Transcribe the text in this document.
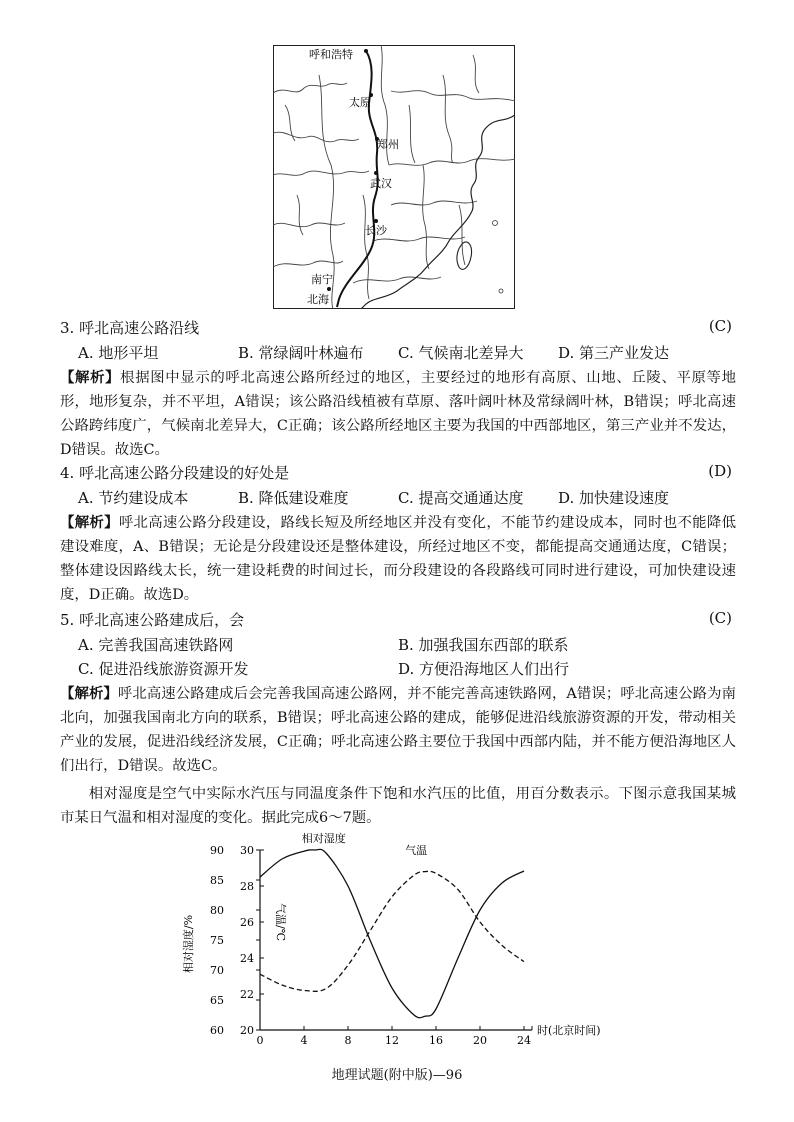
呼和浩特
太原
郑州
武汉
长沙
南宁
北海
3. 呼北高速公路沿线	(C)
A. 地形平坦	B. 常绿阔叶林遍布 C. 气候南北差异大 D. 第三产业发达
【解析】根据图中显示的呼北高速公路所经过的地区，主要经过的地形有高原、山地、丘陵、平原等地形，地形复杂，并不平坦，A错误；该公路沿线植被有草原、落叶阔叶林及常绿阔叶林，B错误；呼北高速公路跨纬度广，气候南北差异大，C正确；该公路所经地区主要为我国的中西部地区，第三产业并不发达，D错误。故选C。
4. 呼北高速公路分段建设的好处是	(D)
A. 节约建设成本	B. 降低建设难度	C. 提高交通通达度 D. 加快建设速度
【解析】呼北高速公路分段建设，路线长短及所经地区并没有变化，不能节约建设成本，同时也不能降低建设难度，A、B错误；无论是分段建设还是整体建设，所经过地区不变，都能提高交通通达度，C错误；整体建设因路线太长，统一建设耗费的时间过长，而分段建设的各段路线可同时进行建设，可加快建设速度，D正确。故选D。
5. 呼北高速公路建成后，会	(C)
A. 完善我国高速铁路网	B. 加强我国东西部的联系
C. 促进沿线旅游资源开发	D. 方便沿海地区人们出行
【解析】呼北高速公路建成后会完善我国高速公路网，并不能完善高速铁路网，A错误；呼北高速公路为南北向，加强我国南北方向的联系，B错误；呼北高速公路的建成，能够促进沿线旅游资源的开发，带动相关产业的发展，促进沿线经济发展，C正确；呼北高速公路主要位于我国中西部内陆，并不能方便沿海地区人们出行，D错误。故选C。
相对湿度是空气中实际水汽压与同温度条件下饱和水汽压的比值，用百分数表示。下图示意我国某城市某日气温和相对湿度的变化。据此完成6～7题。
相对湿度/%	气温/℃
时(北京时间)
0	4	8	12	16	20	24
60
65
70
75
80
85
90
20
22
24
26
28
30
相对湿度
气温
地理试题(附中版)—96
